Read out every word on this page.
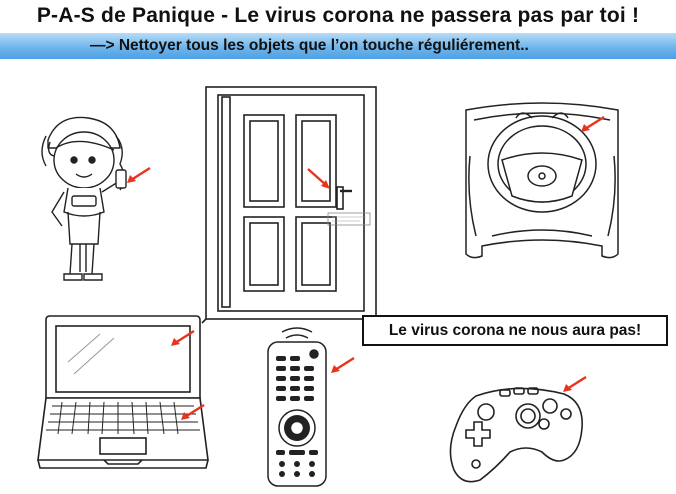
P-A-S de Panique - Le virus corona ne passera pas par toi !
—> Nettoyer tous les objets que l’on touche réguliérement..
Le virus corona ne nous aura pas!
